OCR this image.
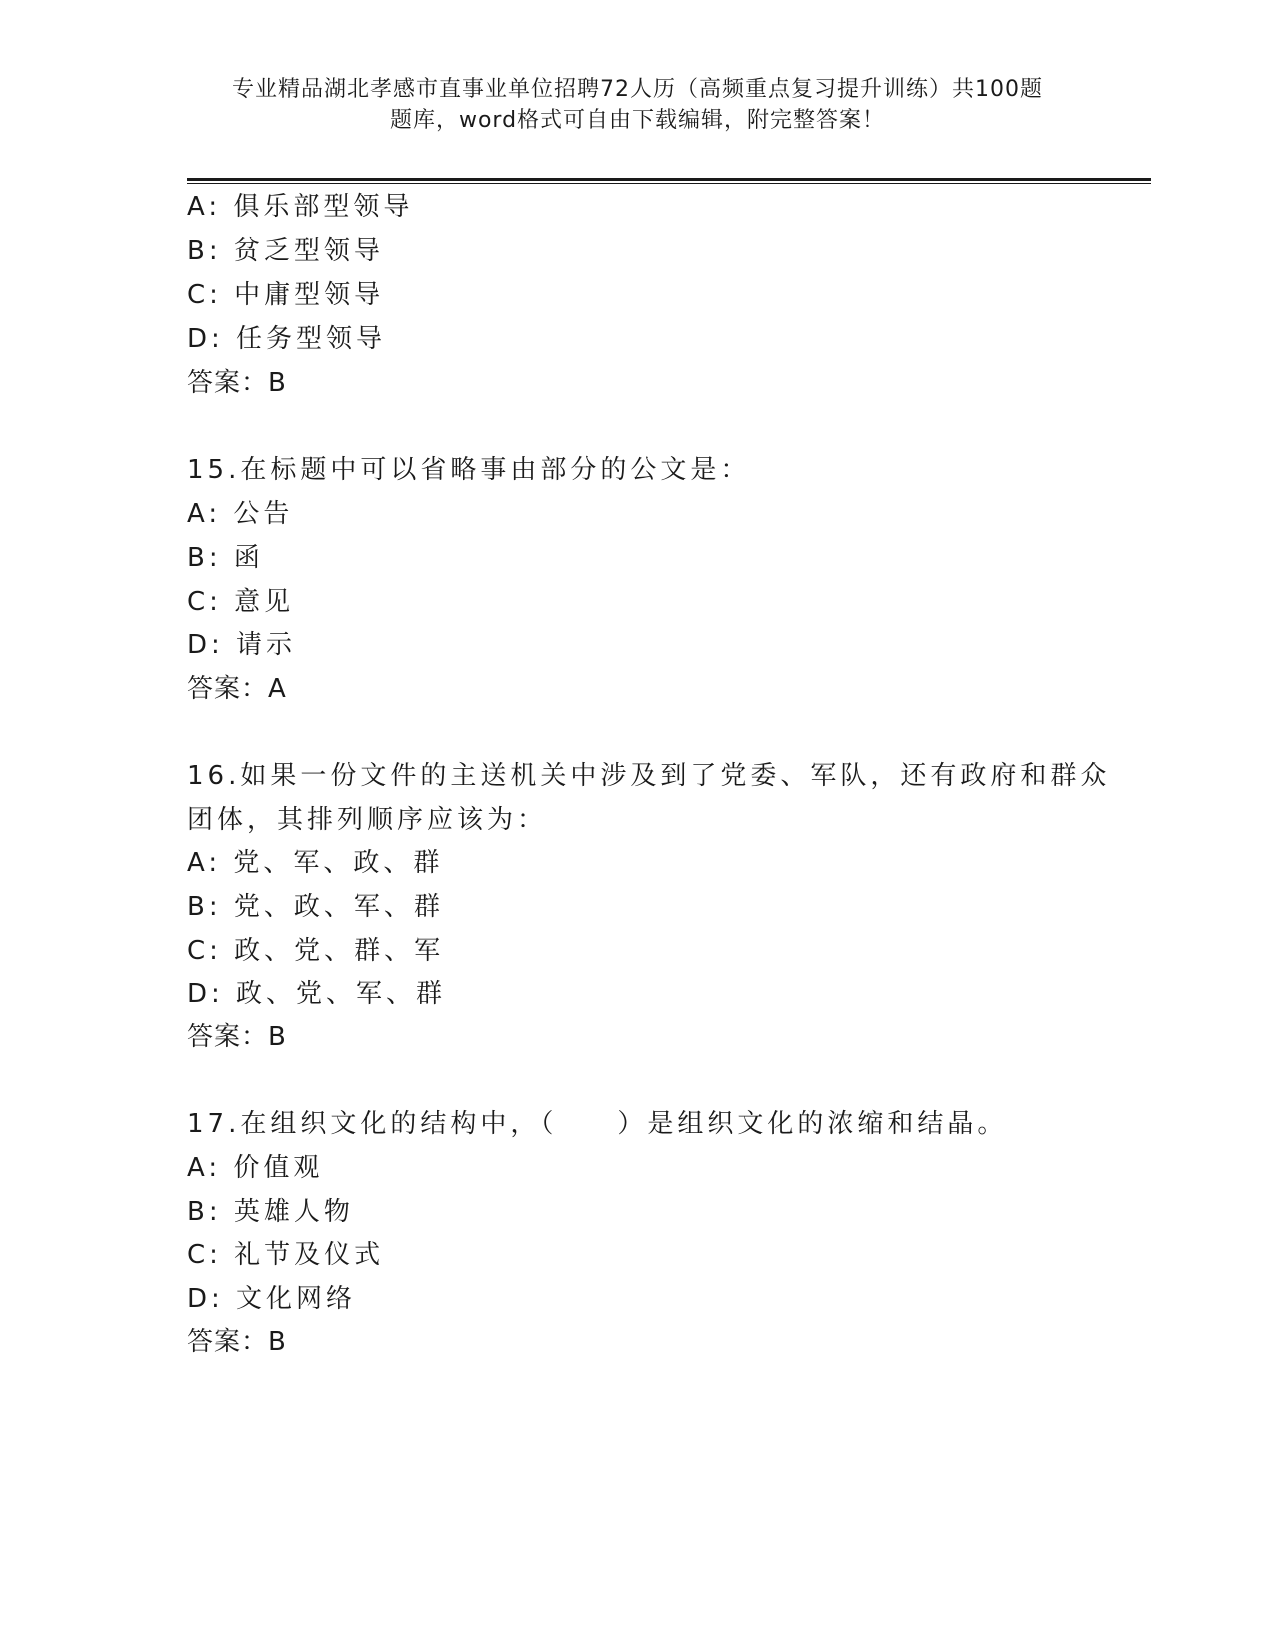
专业精品湖北孝感市直事业单位招聘72人历（高频重点复习提升训练）共100题
题库，word格式可自由下载编辑，附完整答案！
A: 俱乐部型领导
B: 贫乏型领导
C: 中庸型领导
D: 任务型领导
答案：B
15.在标题中可以省略事由部分的公文是：
A: 公告
B: 函
C: 意见
D: 请示
答案：A
16.如果一份文件的主送机关中涉及到了党委、军队，还有政府和群众
团体，其排列顺序应该为：
A: 党、军、政、群
B: 党、政、军、群
C: 政、党、群、军
D: 政、党、军、群
答案：B
17.在组织文化的结构中，（　　）是组织文化的浓缩和结晶。
A: 价值观
B: 英雄人物
C: 礼节及仪式
D: 文化网络
答案：B
